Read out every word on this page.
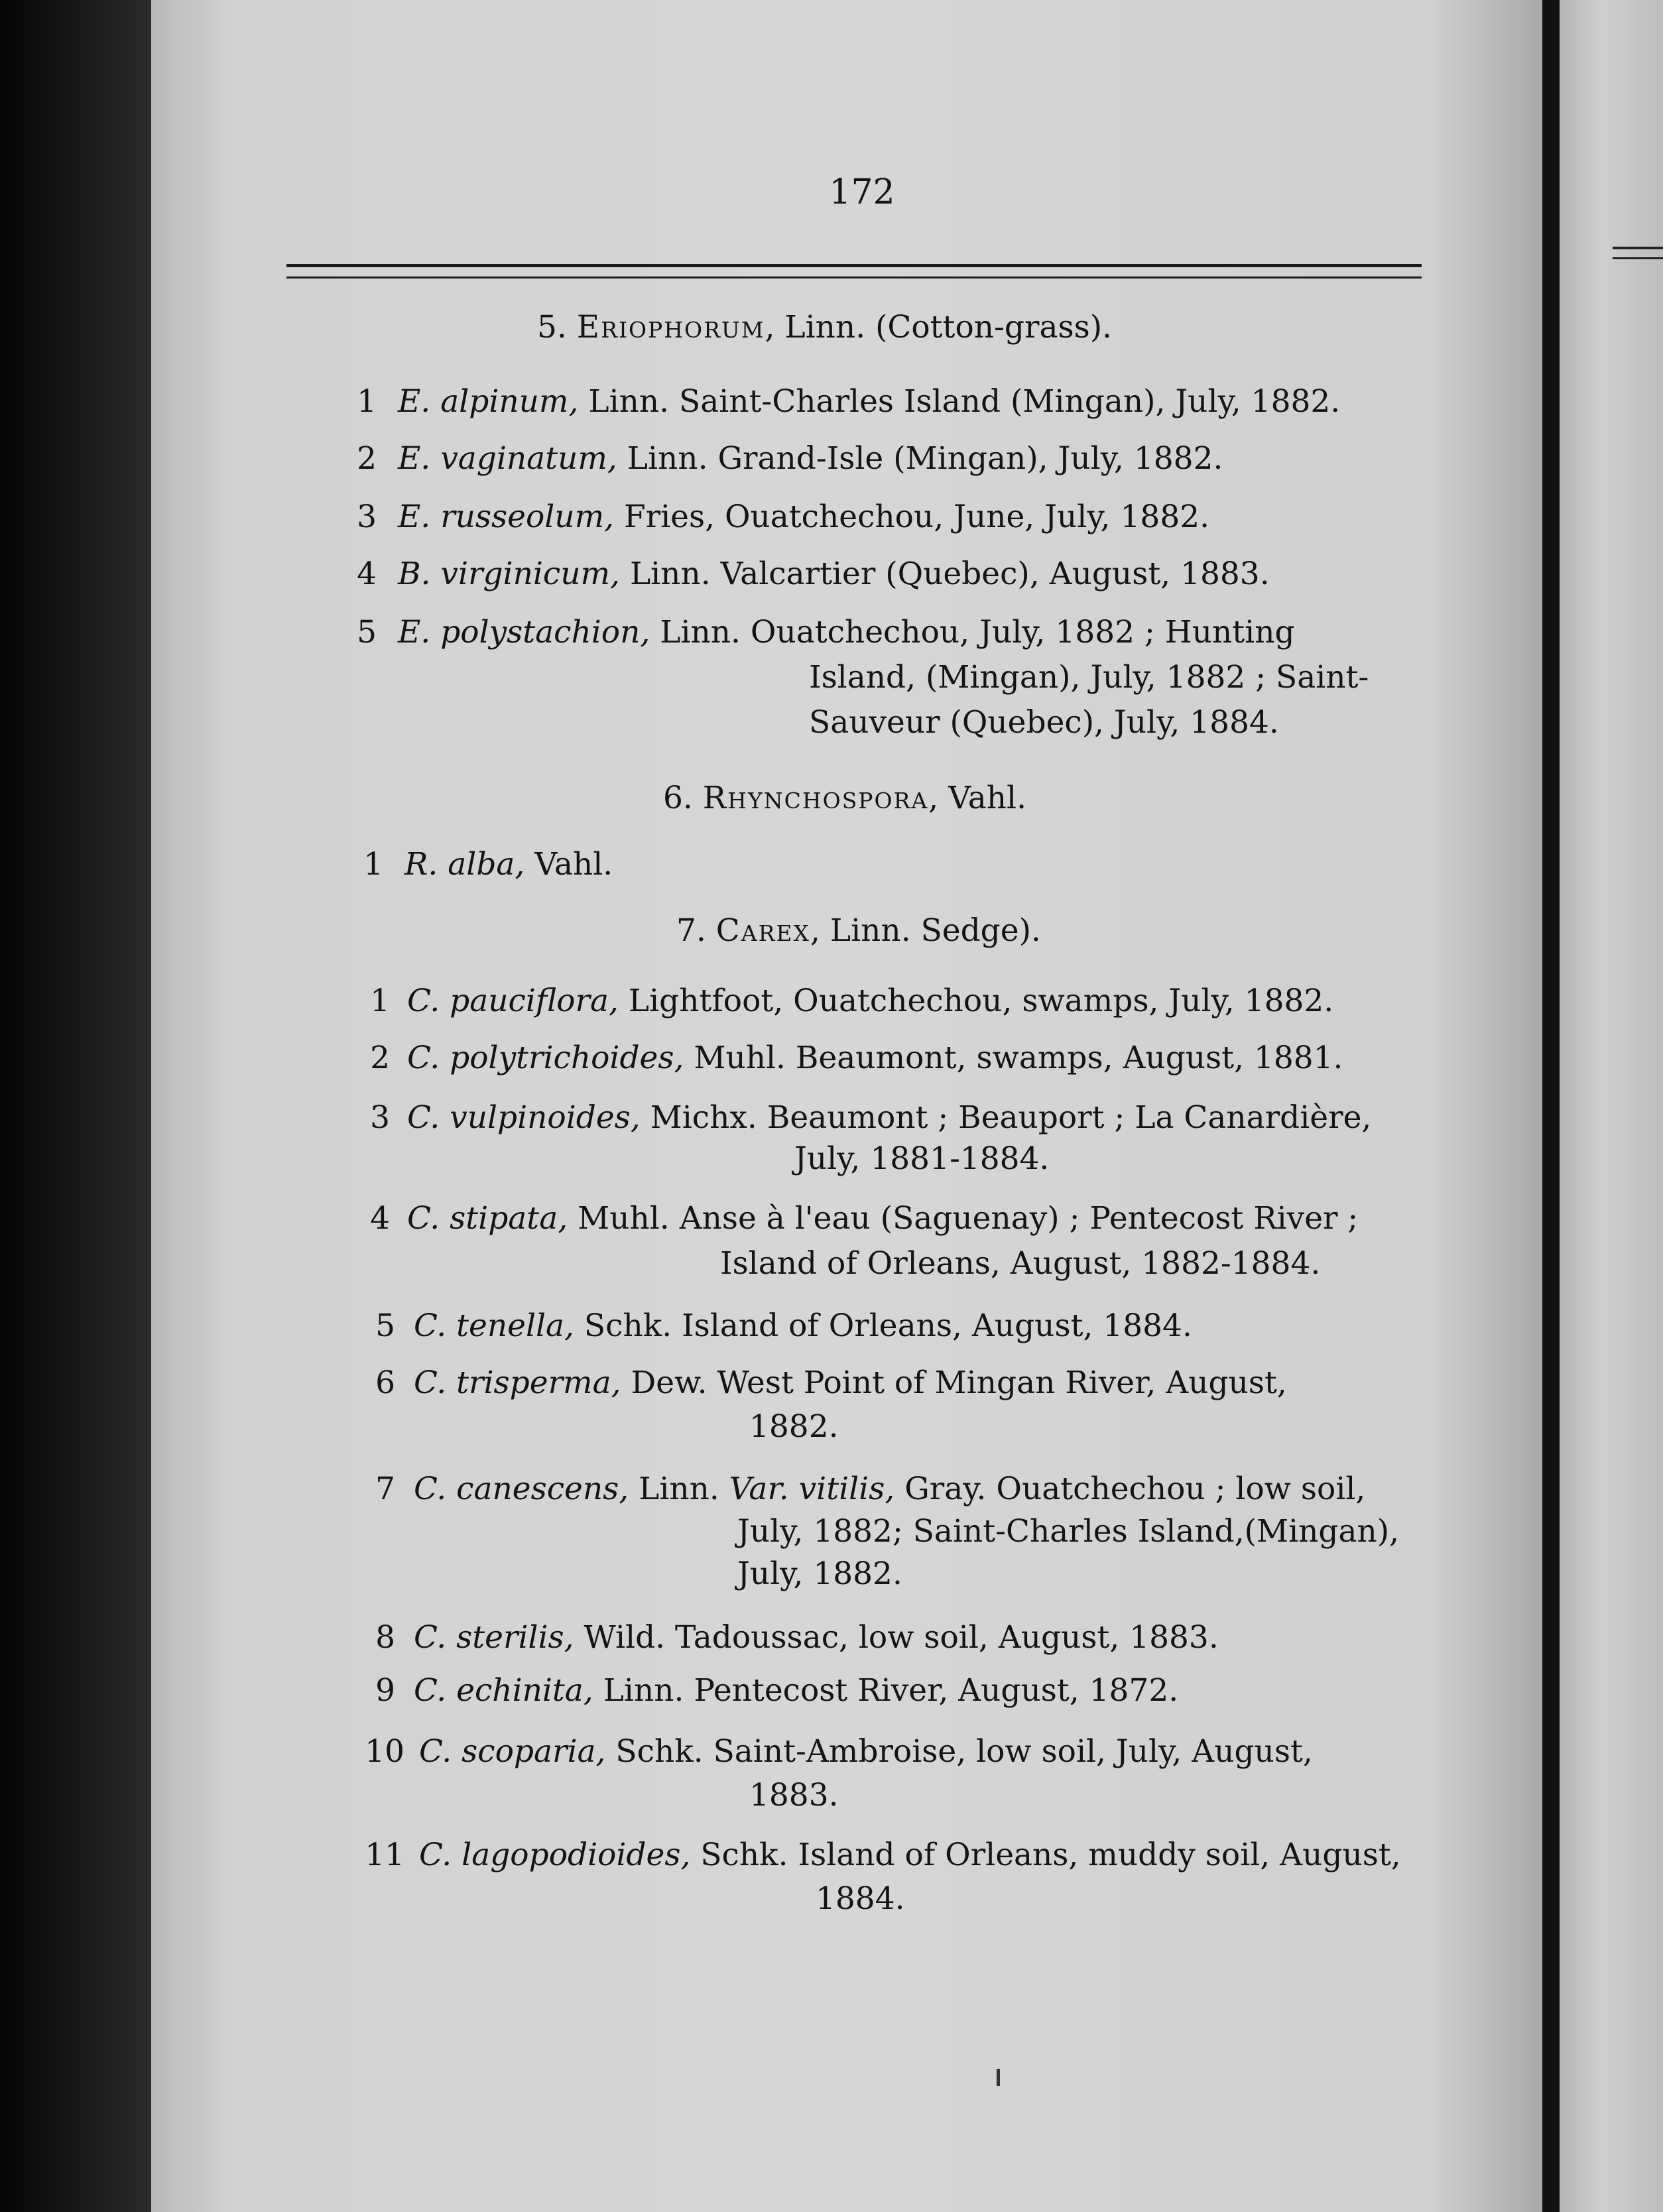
172
5. Eriophorum, Linn. (Cotton-grass).
1 E. alpinum, Linn. Saint-Charles Island (Mingan), July, 1882.
2 E. vaginatum, Linn. Grand-Isle (Mingan), July, 1882.
3 E. russeolum, Fries, Ouatchechou, June, July, 1882.
4 B. virginicum, Linn. Valcartier (Quebec), August, 1883.
5 E. polystachion, Linn. Ouatchechou, July, 1882 ; Hunting
Island, (Mingan), July, 1882 ; Saint-
Sauveur (Quebec), July, 1884.
6. Rhynchospora, Vahl.
1 R. alba, Vahl.
7. Carex, Linn. Sedge).
1 C. pauciflora, Lightfoot, Ouatchechou, swamps, July, 1882.
2 C. polytrichoides, Muhl. Beaumont, swamps, August, 1881.
3 C. vulpinoides, Michx. Beaumont ; Beauport ; La Canardière,
July, 1881-1884.
4 C. stipata, Muhl. Anse à l'eau (Saguenay) ; Pentecost River ;
Island of Orleans, August, 1882-1884.
5 C. tenella, Schk. Island of Orleans, August, 1884.
6 C. trisperma, Dew. West Point of Mingan River, August,
1882.
7 C. canescens, Linn. Var. vitilis, Gray. Ouatchechou ; low soil,
July, 1882; Saint-Charles Island,(Mingan),
July, 1882.
8 C. sterilis, Wild. Tadoussac, low soil, August, 1883.
9 C. echinita, Linn. Pentecost River, August, 1872.
10 C. scoparia, Schk. Saint-Ambroise, low soil, July, August,
1883.
11 C. lagopodioides, Schk. Island of Orleans, muddy soil, August,
1884.
